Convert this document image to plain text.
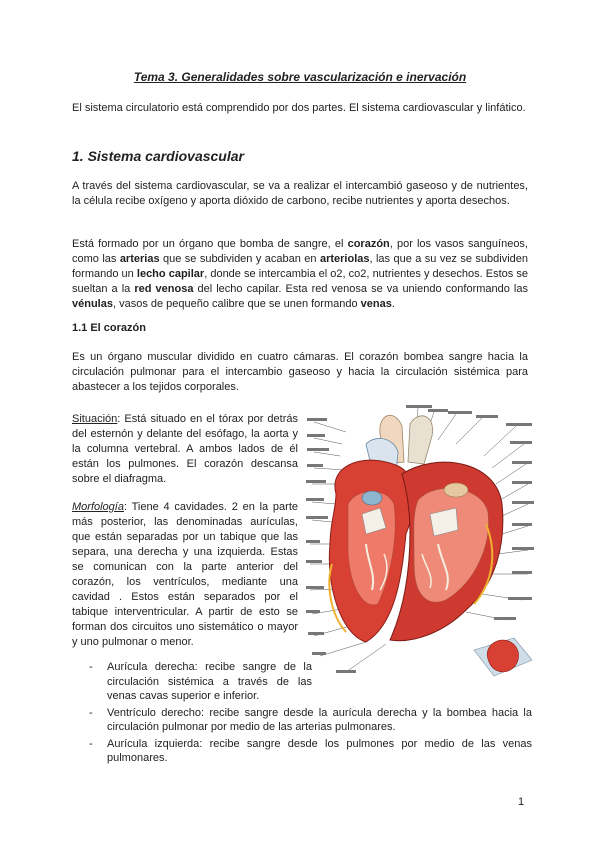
Tema 3. Generalidades sobre vascularización e inervación
El sistema circulatorio está comprendido por dos partes. El sistema cardiovascular y linfático.
1. Sistema cardiovascular
A través del sistema cardiovascular, se va a realizar el intercambió gaseoso y de nutrientes, la célula recibe oxígeno y aporta dióxido de carbono, recibe nutrientes y aporta desechos.
Está formado por un órgano que bomba de sangre, el corazón, por los vasos sanguíneos, como las arterias que se subdividen y acaban en arteriolas, las que a su vez se subdividen formando un lecho capilar, donde se intercambia el o2, co2, nutrientes y desechos. Estos se sueltan a la red venosa del lecho capilar. Esta red venosa se va uniendo conformando las vénulas, vasos de pequeño calibre que se unen formando venas.
1.1 El corazón
Es un órgano muscular dividido en cuatro cámaras. El corazón bombea sangre hacia la circulación pulmonar para el intercambio gaseoso y hacia la circulación sistémica para abastecer a los tejidos corporales.
Situación: Está situado en el tórax por detrás del esternón y delante del esófago, la aorta y la columna vertebral. A ambos lados de él están los pulmones. El corazón descansa sobre el diafragma.
Morfología: Tiene 4 cavidades. 2 en la parte más posterior, las denominadas aurículas, que están separadas por un tabique que las separa, una derecha y una izquierda. Estas se comunican con la parte anterior del corazón, los ventrículos, mediante una cavidad . Estos están separados por el tabique interventricular. A partir de esto se forman dos circuitos uno sistemático o mayor y uno pulmonar o menor.
- Aurícula derecha: recibe sangre de la circulación sistémica a través de las venas cavas superior e inferior.
- Ventrículo derecho: recibe sangre desde la aurícula derecha y la bombea hacia la circulación pulmonar por medio de las arterias pulmonares.
- Aurícula izquierda: recibe sangre desde los pulmones por medio de las venas pulmonares.
1
